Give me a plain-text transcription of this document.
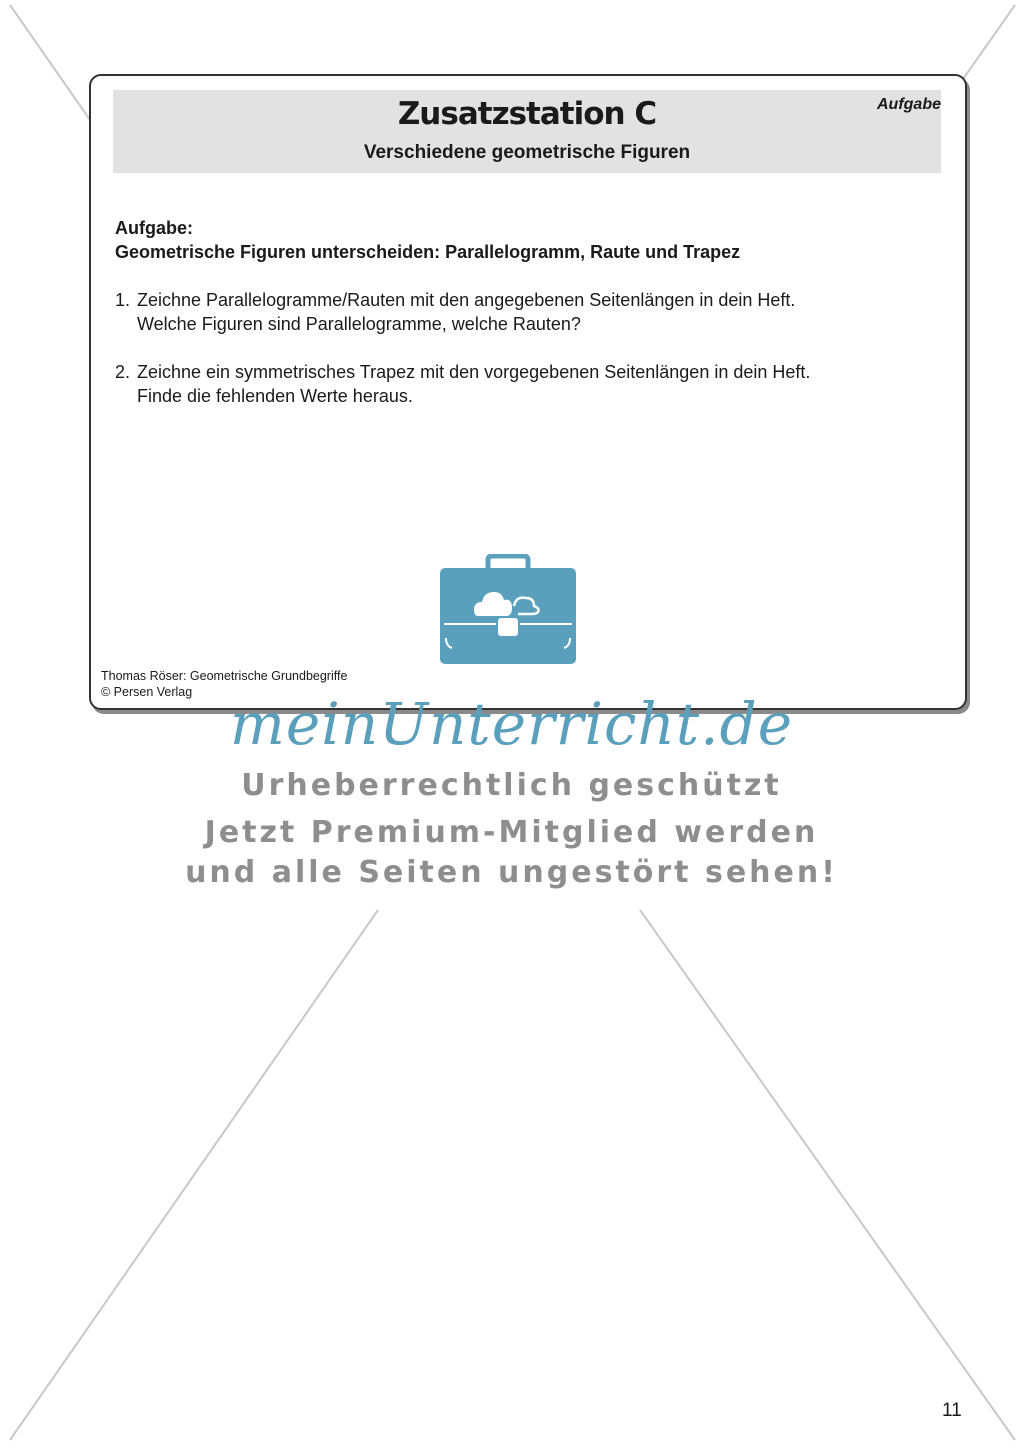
Zusatzstation C
Verschiedene geometrische Figuren
Aufgabe
Aufgabe:
Geometrische Figuren unterscheiden: Parallelogramm, Raute und Trapez
1. Zeichne Parallelogramme/Rauten mit den angegebenen Seitenlängen in dein Heft.
Welche Figuren sind Parallelogramme, welche Rauten?
2. Zeichne ein symmetrisches Trapez mit den vorgegebenen Seitenlängen in dein Heft.
Finde die fehlenden Werte heraus.
Thomas Röser: Geometrische Grundbegriffe
© Persen Verlag meinUnterricht.de
Urheberrechtlich geschützt
Jetzt Premium-Mitglied werden
und alle Seiten ungestört sehen!
11
